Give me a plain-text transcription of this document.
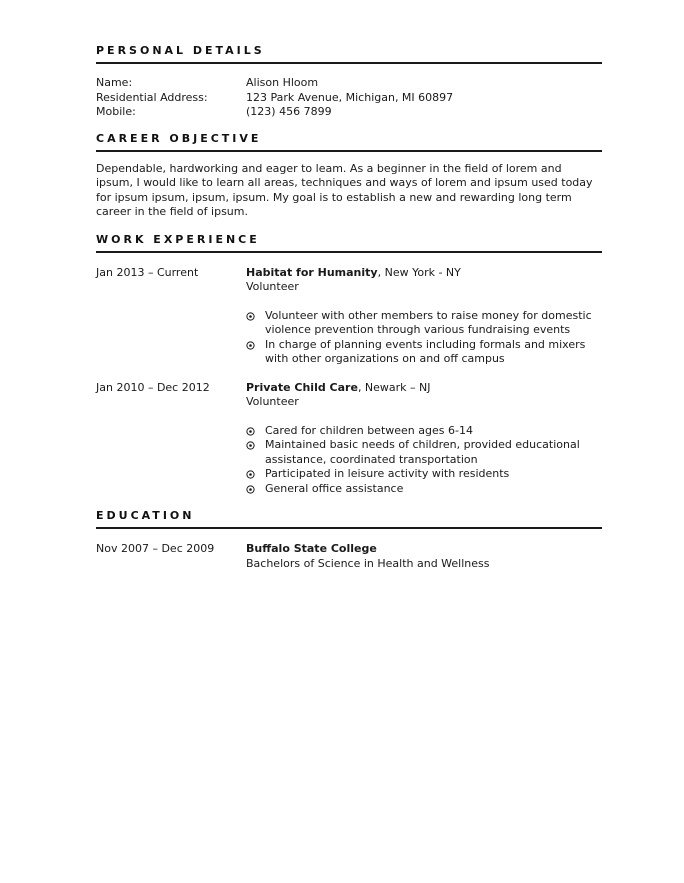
PERSONAL DETAILS
Name:	Alison Hloom
Residential Address:	123 Park Avenue, Michigan, MI 60897
Mobile:	(123) 456 7899
CAREER OBJECTIVE

Dependable, hardworking and eager to leam. As a beginner in the field of lorem and ipsum, I would like to learn all areas, techniques and ways of lorem and ipsum used today for ipsum ipsum, ipsum, ipsum. My goal is to establish a new and rewarding long term career in the field of ipsum.

WORK EXPERIENCE
Jan 2013 – Current	Habitat for Humanity, New York - NY
Volunteer
Volunteer with other members to raise money for domestic violence prevention through various fundraising events
In charge of planning events including formals and mixers with other organizations on and off campus
Jan 2010 – Dec 2012	Private Child Care, Newark – NJ
Volunteer
Cared for children between ages 6-14
Maintained basic needs of children, provided educational assistance, coordinated transportation
Participated in leisure activity with residents
General office assistance
EDUCATION
Nov 2007 – Dec 2009	Buffalo State College
Bachelors of Science in Health and Wellness
